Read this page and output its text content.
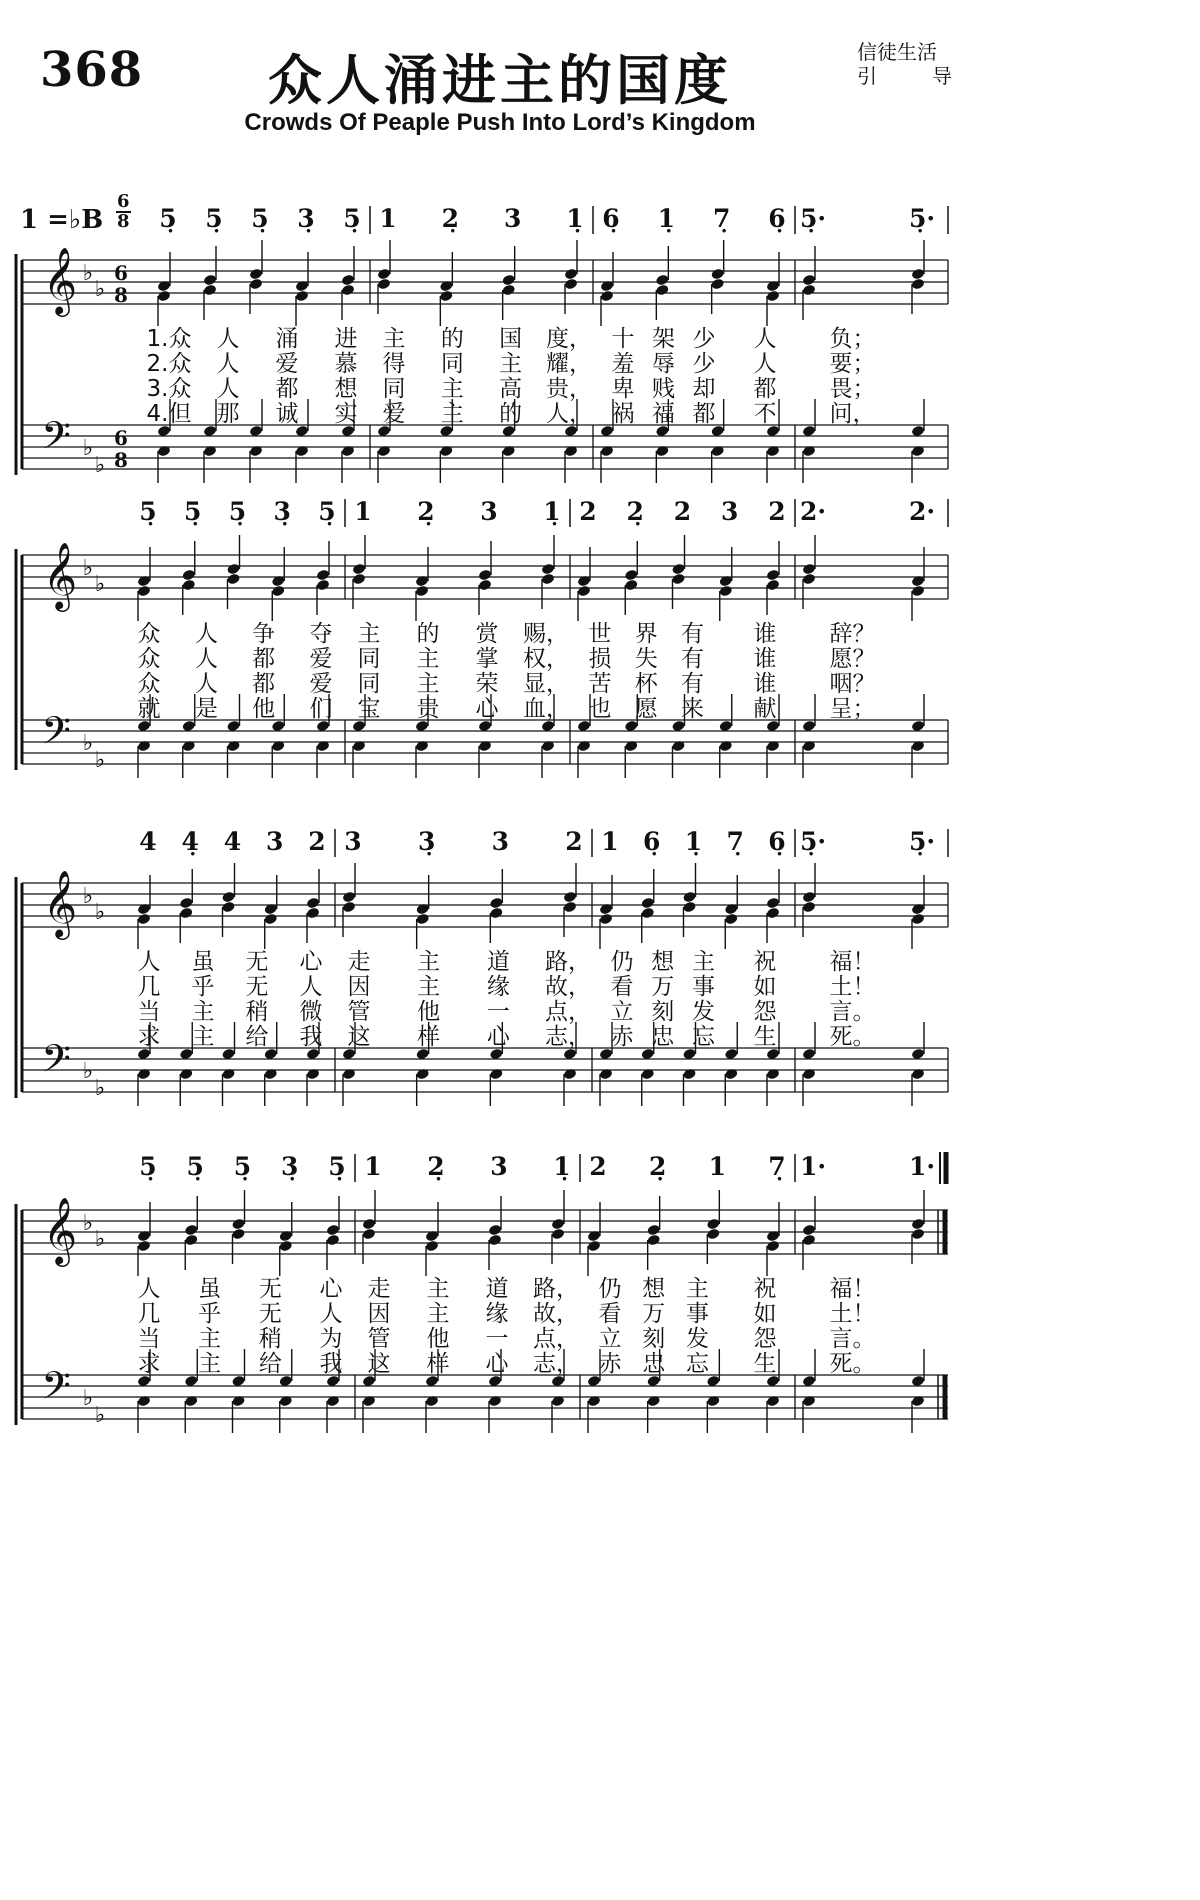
368	众人涌进主的国度
Crowds Of Peaple Push Into Lord’s Kingdom
信徒生活
引	导
1 =♭B
6
8 5̣ 5̣ 5̣ 3̣ 5̣ 1 2̣ 3 1̣ 6̣ 1̣ 7̣ 6̣ 5̣·	5̣·
1.众 人 涌 进 主 的 国 度， 十 架 少 人 负；
2.众 人 爱 慕 得 同 主 耀， 羞 辱 少 人 要；
3.众 人 都 想 同 主 高 贵， 卑 贱 却 都 畏；
4.但 那 诚 实 爱 主 的 人， 祸 福 都 不 问，
5̣ 5̣ 5̣ 3̣ 5̣ 1 2̣ 3 1̣ 2 2̣ 2 3 2 2·	2·
众 人 争 夺 主 的 赏 赐， 世 界 有 谁 辞？
众 人 都 爱 同 主 掌 权， 损 失 有 谁 愿？
众 人 都 爱 同 主 荣 显， 苦 杯 有 谁 咽？
就 是 他 们 宝 贵 心 血， 也 愿 来 献 呈；
4 4̣ 4 3 2 3 3̣ 3 2 1 6̣ 1̣ 7̣ 6̣ 5̣·	5̣·
人 虽 无 心 走 主 道 路， 仍 想 主 祝 福！
几 乎 无 人 因 主 缘 故， 看 万 事 如 土！
当 主 稍 微 管 他 一 点， 立 刻 发 怨 言。
求 主 给 我 这 样 心 志， 赤 忠 忘 生 死。
5̣ 5̣ 5̣ 3̣ 5̣ 1 2̣ 3 1̣ 2 2̣ 1 7̣ 1·	1·
人 虽 无 心 走 主 道 路， 仍 想 主 祝 福！
几 乎 无 人 因 主 缘 故， 看 万 事 如 土！
当 主 稍 为 管 他 一 点， 立 刻 发 怨 言。
求 主 给 我 这 样 心 志， 赤 忠 忘 生 死。
𝄞
𝄢
♭
♭
♭
♭
6
8
6
8
𝄞
𝄢
♭
♭
♭
♭
𝄞
𝄢
♭
♭
♭
♭
𝄞
𝄢
♭
♭
♭
♭
